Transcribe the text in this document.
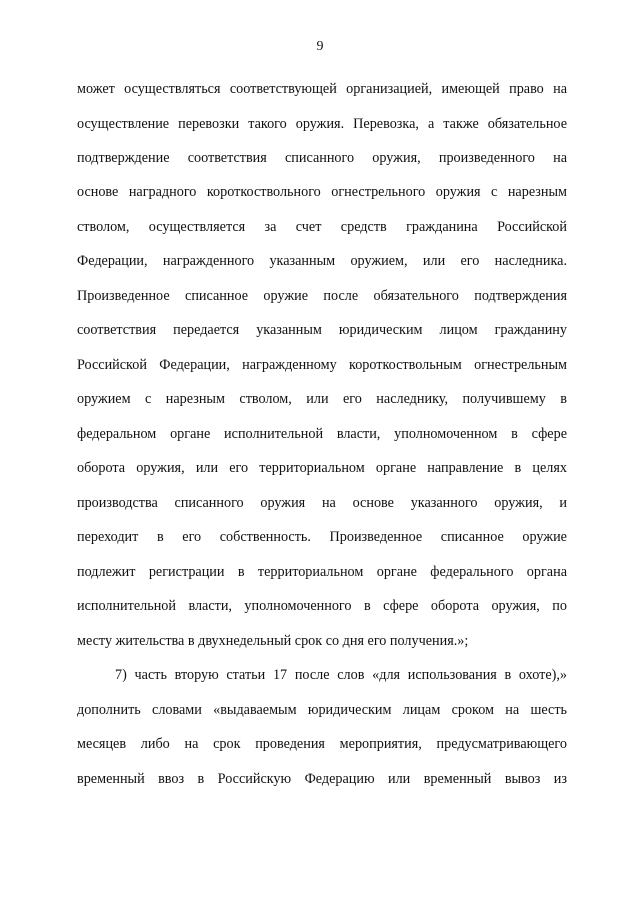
9
может осуществляться соответствующей организацией, имеющей право на
осуществление перевозки такого оружия. Перевозка, а также обязательное
подтверждение соответствия списанного оружия, произведенного на
основе наградного короткоствольного огнестрельного оружия с нарезным
стволом, осуществляется за счет средств гражданина Российской
Федерации, награжденного указанным оружием, или его наследника.
Произведенное списанное оружие после обязательного подтверждения
соответствия передается указанным юридическим лицом гражданину
Российской Федерации, награжденному короткоствольным огнестрельным
оружием с нарезным стволом, или его наследнику, получившему в
федеральном органе исполнительной власти, уполномоченном в сфере
оборота оружия, или его территориальном органе направление в целях
производства списанного оружия на основе указанного оружия, и
переходит в его собственность. Произведенное списанное оружие
подлежит регистрации в территориальном органе федерального органа
исполнительной власти, уполномоченного в сфере оборота оружия, по
месту жительства в двухнедельный срок со дня его получения.»;
7) часть вторую статьи 17 после слов «для использования в охоте),»
дополнить словами «выдаваемым юридическим лицам сроком на шесть
месяцев либо на срок проведения мероприятия, предусматривающего
временный ввоз в Российскую Федерацию или временный вывоз из
